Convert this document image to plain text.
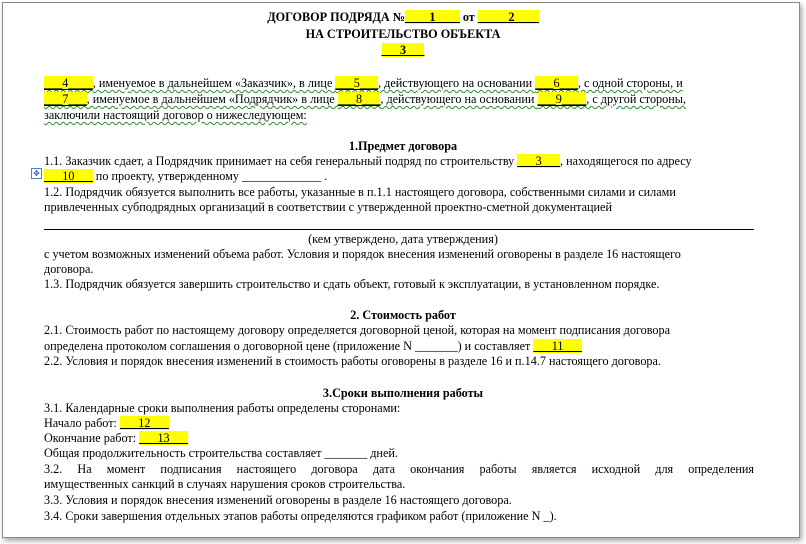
ДОГОВОР ПОДРЯДА №____1____ от _____2____
НА СТРОИТЕЛЬСТВО ОБЪЕКТА
___3___
___4____, именуемое в дальнейшем «Заказчик», в лице ___5___, действующего на основании ___6___, с одной стороны, и
___7___, именуемое в дальнейшем «Подрядчик» в лице ___8___, действующего на основании ___9____, с другой стороны,
заключили настоящий договор о нижеследующем:
1.Предмет договора
✥
1.1. Заказчик сдает, а Подрядчик принимает на себя генеральный подряд по строительству ___3___, находящегося по адресу
___10___ по проекту, утвержденному _____________ .
1.2. Подрядчик обязуется выполнить все работы, указанные в п.1.1 настоящего договора, собственными силами и силами
привлеченных субподрядных организаций в соответствии с утвержденной проектно-сметной документацией
(кем утверждено, дата утверждения)
с учетом возможных изменений объема работ. Условия и порядок внесения изменений оговорены в разделе 16 настоящего
договора.
1.3. Подрядчик обязуется завершить строительство и сдать объект, готовый к эксплуатации, в установленном порядке.
2. Стоимость работ
2.1. Стоимость работ по настоящему договору определяется договорной ценой, которая на момент подписания договора
определена протоколом соглашения о договорной цене (приложение N _______) и составляет ___11___
2.2. Условия и порядок внесения изменений в стоимость работы оговорены в разделе 16 и п.14.7 настоящего договора.
3.Сроки выполнения работы
3.1. Календарные сроки выполнения работы определены сторонами:
Начало работ: ___12___
Окончание работ: ___13___
Общая продолжительность строительства составляет _______ дней.
3.2. На момент подписания настоящего договора дата окончания работы является исходной для определения
имущественных санкций в случаях нарушения сроков строительства.
3.3. Условия и порядок внесения изменений оговорены в разделе 16 настоящего договора.
3.4. Сроки завершения отдельных этапов работы определяются графиком работ (приложение N _).
